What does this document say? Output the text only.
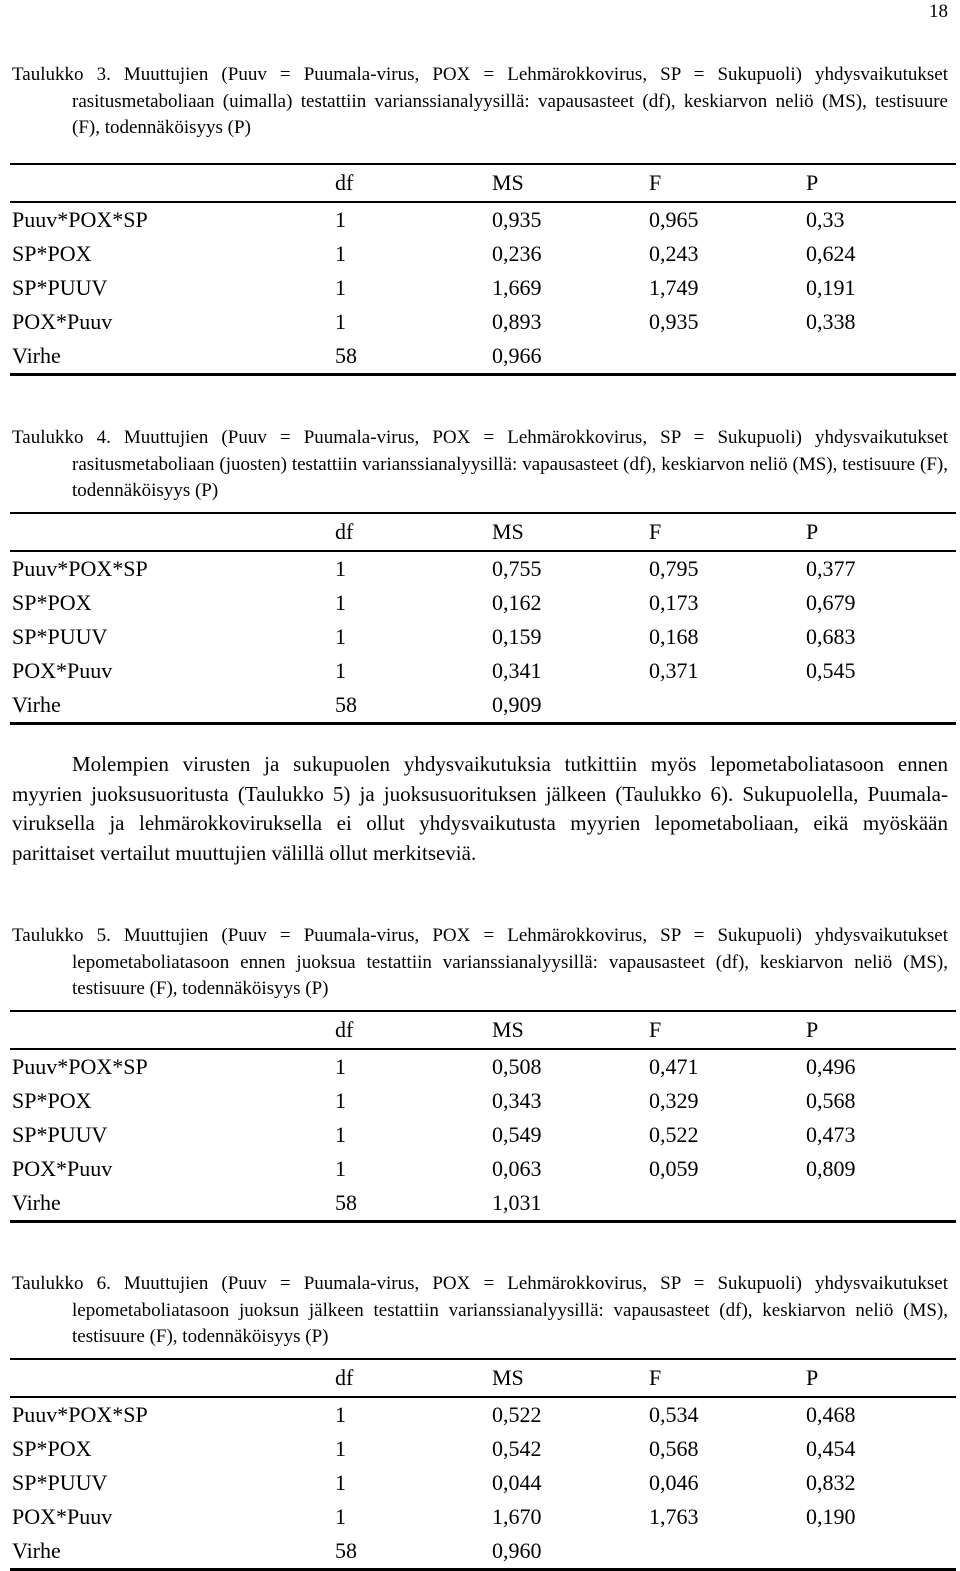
18
Taulukko 3. Muuttujien (Puuv = Puumala-virus, POX = Lehmärokkovirus, SP = Sukupuoli) yhdysvaikutukset rasitusmetaboliaan (uimalla) testattiin varianssianalyysillä: vapausasteet (df), keskiarvon neliö (MS), testisuure (F), todennäköisyys (P)
	df	MS	F	P
Puuv*POX*SP	1	0,935	0,965	0,33
SP*POX	1	0,236	0,243	0,624
SP*PUUV	1	1,669	1,749	0,191
POX*Puuv	1	0,893	0,935	0,338
Virhe	58	0,966		
Taulukko 4. Muuttujien (Puuv = Puumala-virus, POX = Lehmärokkovirus, SP = Sukupuoli) yhdysvaikutukset rasitusmetaboliaan (juosten) testattiin varianssianalyysillä: vapausasteet (df), keskiarvon neliö (MS), testisuure (F), todennäköisyys (P)
	df	MS	F	P
Puuv*POX*SP	1	0,755	0,795	0,377
SP*POX	1	0,162	0,173	0,679
SP*PUUV	1	0,159	0,168	0,683
POX*Puuv	1	0,341	0,371	0,545
Virhe	58	0,909		
Molempien virusten ja sukupuolen yhdysvaikutuksia tutkittiin myös lepometaboliatasoon ennen myyrien juoksusuoritusta (Taulukko 5) ja juoksusuorituksen jälkeen (Taulukko 6). Sukupuolella, Puumala-viruksella ja lehmärokkoviruksella ei ollut yhdysvaikutusta myyrien lepometaboliaan, eikä myöskään parittaiset vertailut muuttujien välillä ollut merkitseviä.
Taulukko 5. Muuttujien (Puuv = Puumala-virus, POX = Lehmärokkovirus, SP = Sukupuoli) yhdysvaikutukset lepometaboliatasoon ennen juoksua testattiin varianssianalyysillä: vapausasteet (df), keskiarvon neliö (MS), testisuure (F), todennäköisyys (P)
	df	MS	F	P
Puuv*POX*SP	1	0,508	0,471	0,496
SP*POX	1	0,343	0,329	0,568
SP*PUUV	1	0,549	0,522	0,473
POX*Puuv	1	0,063	0,059	0,809
Virhe	58	1,031		
Taulukko 6. Muuttujien (Puuv = Puumala-virus, POX = Lehmärokkovirus, SP = Sukupuoli) yhdysvaikutukset lepometaboliatasoon juoksun jälkeen testattiin varianssianalyysillä: vapausasteet (df), keskiarvon neliö (MS), testisuure (F), todennäköisyys (P)
	df	MS	F	P
Puuv*POX*SP	1	0,522	0,534	0,468
SP*POX	1	0,542	0,568	0,454
SP*PUUV	1	0,044	0,046	0,832
POX*Puuv	1	1,670	1,763	0,190
Virhe	58	0,960		
